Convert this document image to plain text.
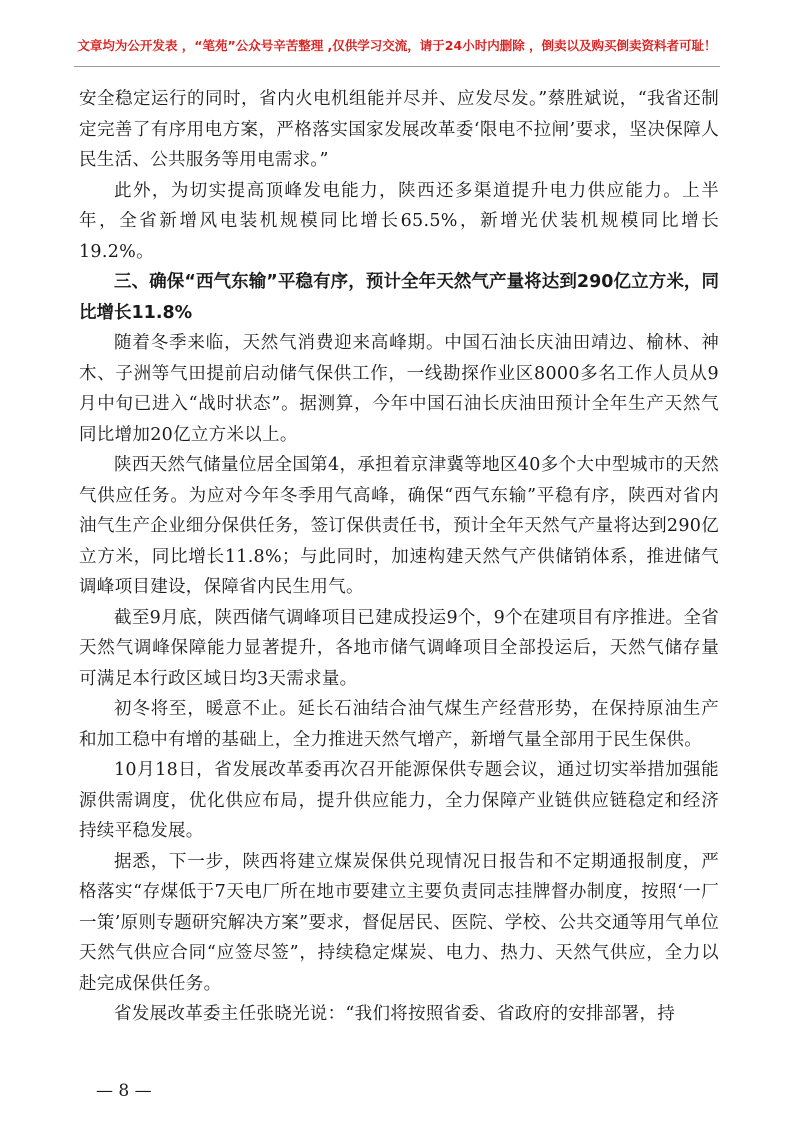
文章均为公开发表 ，“笔苑”公众号辛苦整理 ,仅供学习交流，请于24小时内删除 ，倒卖以及购买倒卖资料者可耻！

安全稳定运行的同时，省内火电机组能并尽并、应发尽发。”蔡胜斌说，“我省还制定完善了有序用电方案，严格落实国家发展改革委‘限电不拉闸’要求，坚决保障人民生活、公共服务等用电需求。”

此外，为切实提高顶峰发电能力，陕西还多渠道提升电力供应能力。上半年，全省新增风电装机规模同比增长65.5%，新增光伏装机规模同比增长19.2%。

三、确保“西气东输”平稳有序，预计全年天然气产量将达到290亿立方米，同比增长11.8%

随着冬季来临，天然气消费迎来高峰期。中国石油长庆油田靖边、榆林、神木、子洲等气田提前启动储气保供工作，一线勘探作业区8000多名工作人员从9月中旬已进入“战时状态”。据测算，今年中国石油长庆油田预计全年生产天然气同比增加20亿立方米以上。

陕西天然气储量位居全国第4，承担着京津冀等地区40多个大中型城市的天然气供应任务。为应对今年冬季用气高峰，确保“西气东输”平稳有序，陕西对省内油气生产企业细分保供任务，签订保供责任书，预计全年天然气产量将达到290亿立方米，同比增长11.8%；与此同时，加速构建天然气产供储销体系，推进储气调峰项目建设，保障省内民生用气。

截至9月底，陕西储气调峰项目已建成投运9个，9个在建项目有序推进。全省天然气调峰保障能力显著提升，各地市储气调峰项目全部投运后，天然气储存量可满足本行政区域日均3天需求量。

初冬将至，暖意不止。延长石油结合油气煤生产经营形势，在保持原油生产和加工稳中有增的基础上，全力推进天然气增产，新增气量全部用于民生保供。

10月18日，省发展改革委再次召开能源保供专题会议，通过切实举措加强能源供需调度，优化供应布局，提升供应能力，全力保障产业链供应链稳定和经济持续平稳发展。

据悉，下一步，陕西将建立煤炭保供兑现情况日报告和不定期通报制度，严格落实“存煤低于7天电厂所在地市要建立主要负责同志挂牌督办制度，按照‘一厂一策’原则专题研究解决方案”要求，督促居民、医院、学校、公共交通等用气单位天然气供应合同“应签尽签”，持续稳定煤炭、电力、热力、天然气供应，全力以赴完成保供任务。

省发展改革委主任张晓光说：“我们将按照省委、省政府的安排部署，持

— 8 —
